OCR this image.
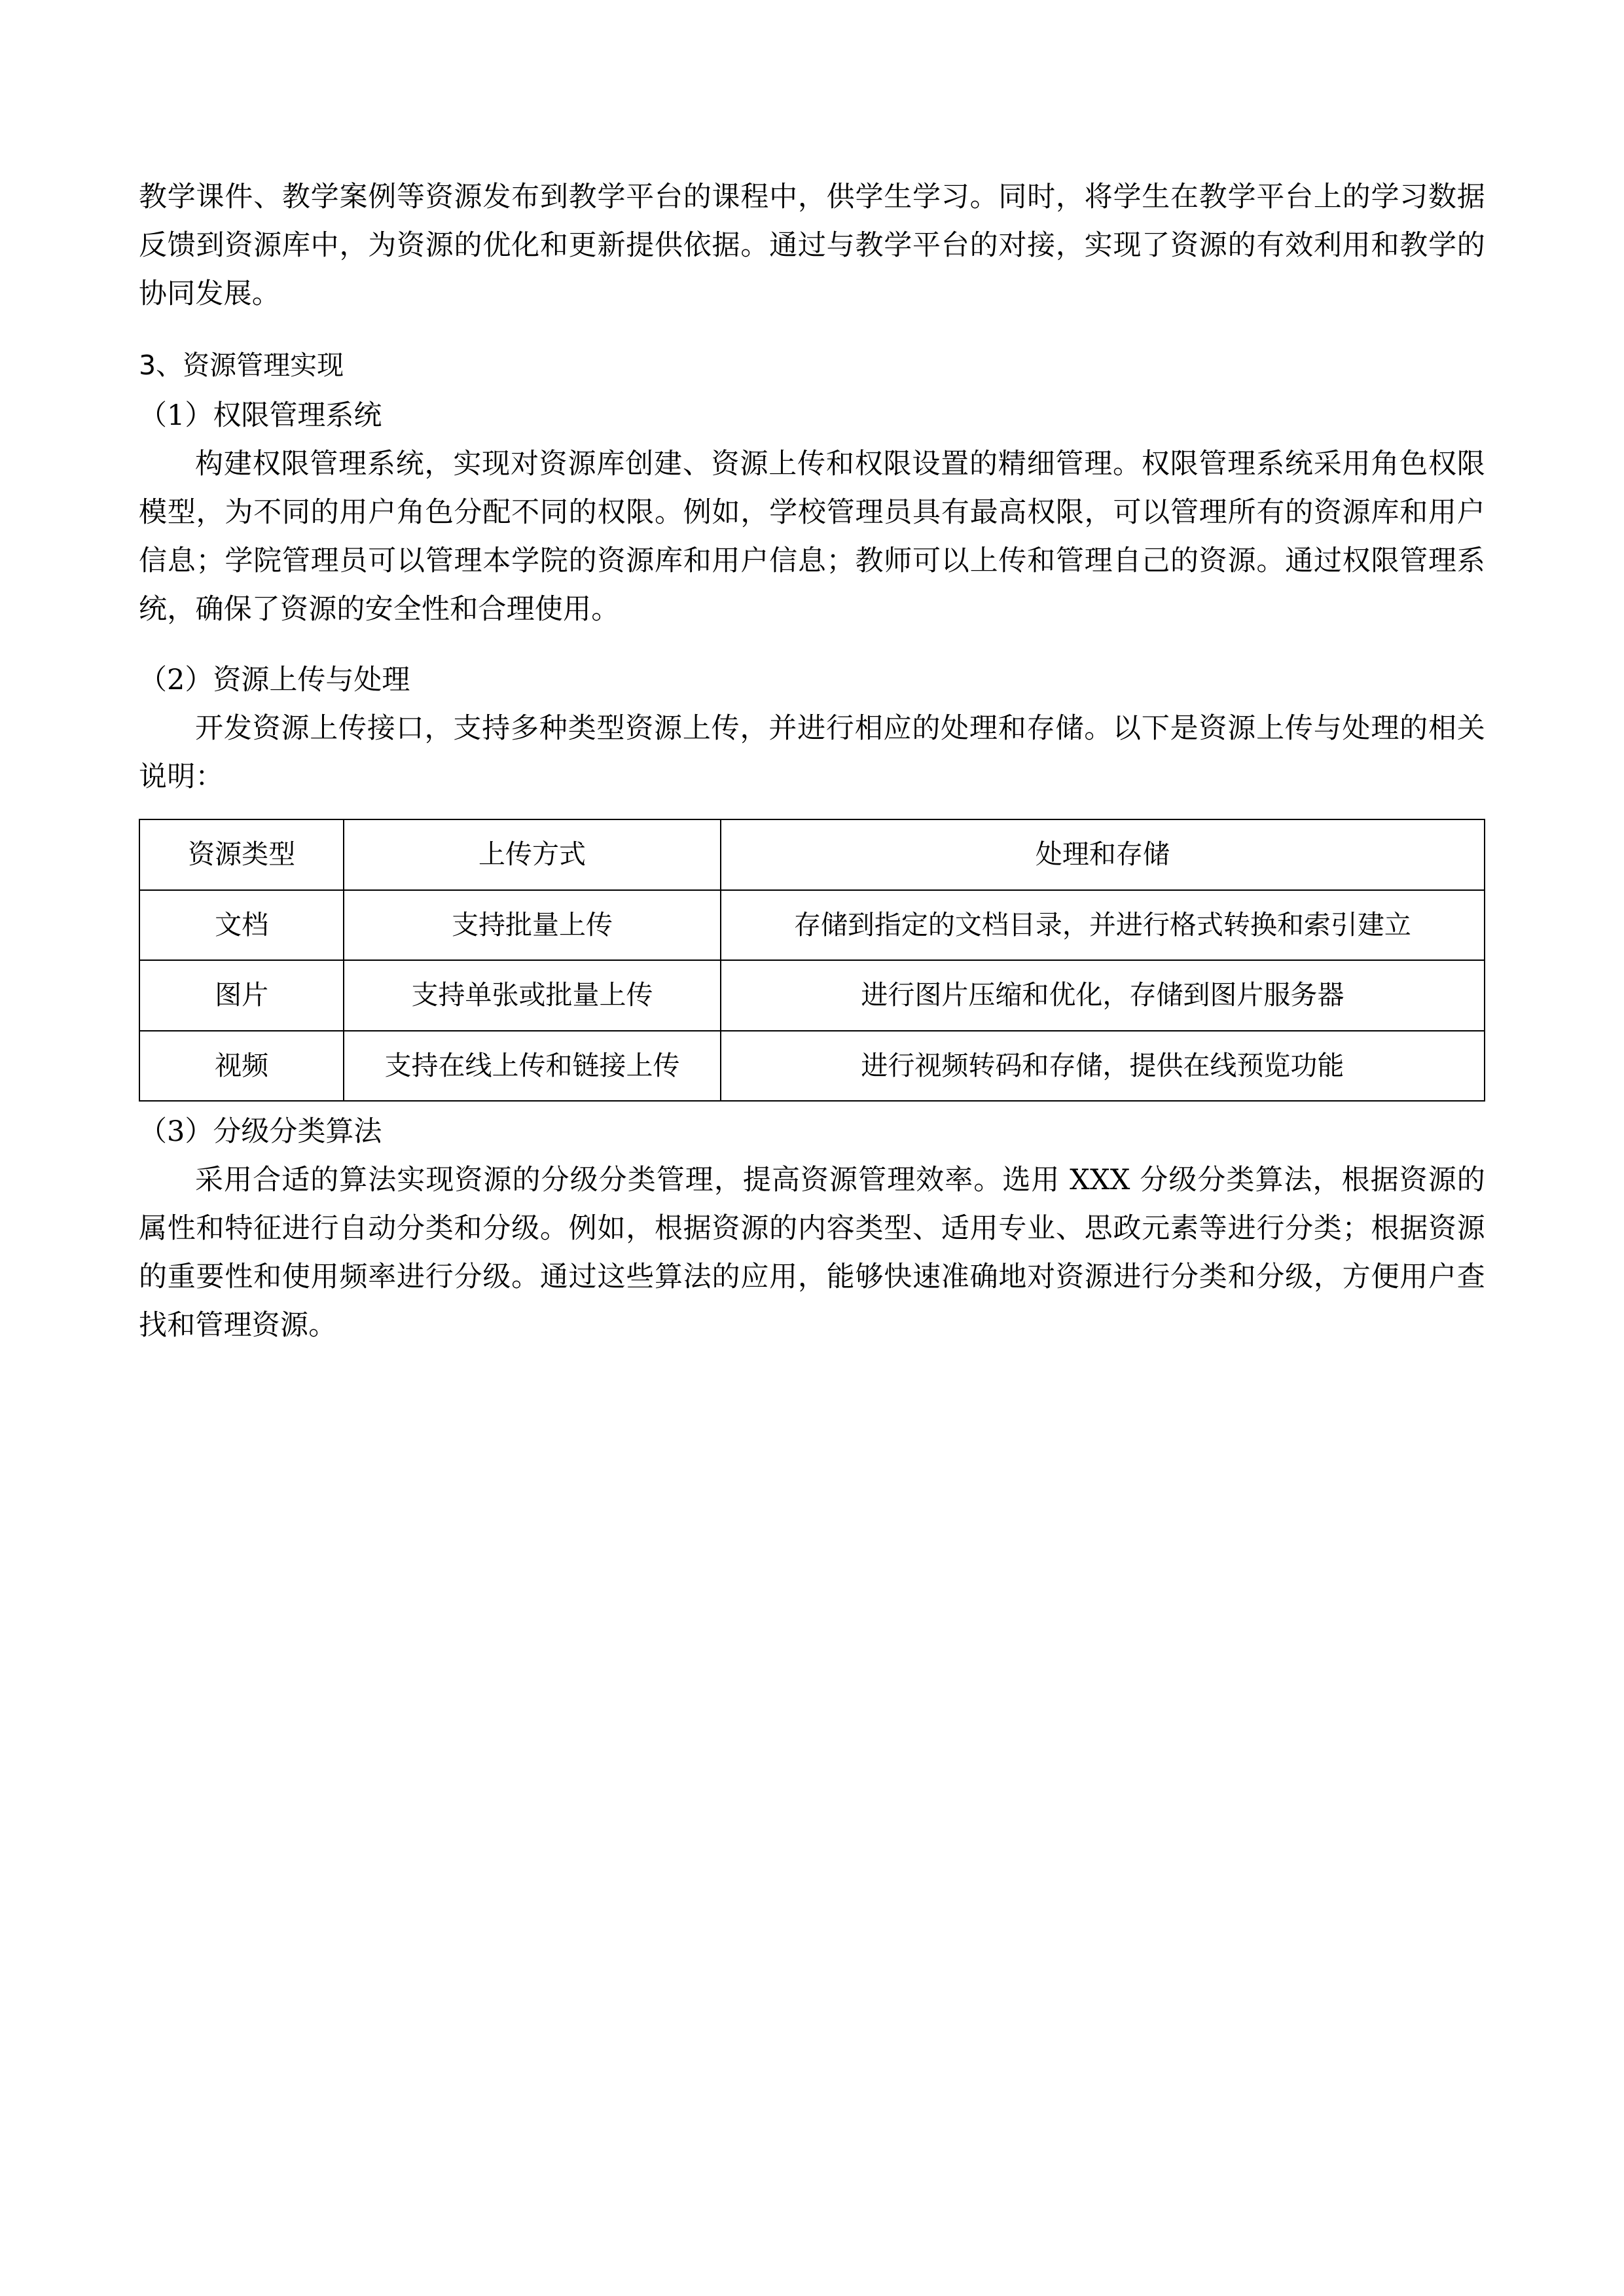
教学课件、教学案例等资源发布到教学平台的课程中，供学生学习。同时，将学生在教学平台上的学习数据反馈到资源库中，为资源的优化和更新提供依据。通过与教学平台的对接，实现了资源的有效利用和教学的协同发展。

3、资源管理实现

（1）权限管理系统

构建权限管理系统，实现对资源库创建、资源上传和权限设置的精细管理。权限管理系统采用角色权限模型，为不同的用户角色分配不同的权限。例如，学校管理员具有最高权限，可以管理所有的资源库和用户信息；学院管理员可以管理本学院的资源库和用户信息；教师可以上传和管理自己的资源。通过权限管理系统，确保了资源的安全性和合理使用。

（2）资源上传与处理

开发资源上传接口，支持多种类型资源上传，并进行相应的处理和存储。以下是资源上传与处理的相关说明：

资源类型	上传方式	处理和存储
文档	支持批量上传	存储到指定的文档目录，并进行格式转换和索引建立
图片	支持单张或批量上传	进行图片压缩和优化，存储到图片服务器
视频	支持在线上传和链接上传	进行视频转码和存储，提供在线预览功能

（3）分级分类算法

采用合适的算法实现资源的分级分类管理，提高资源管理效率。选用 XXX 分级分类算法，根据资源的属性和特征进行自动分类和分级。例如，根据资源的内容类型、适用专业、思政元素等进行分类；根据资源的重要性和使用频率进行分级。通过这些算法的应用，能够快速准确地对资源进行分类和分级，方便用户查找和管理资源。
